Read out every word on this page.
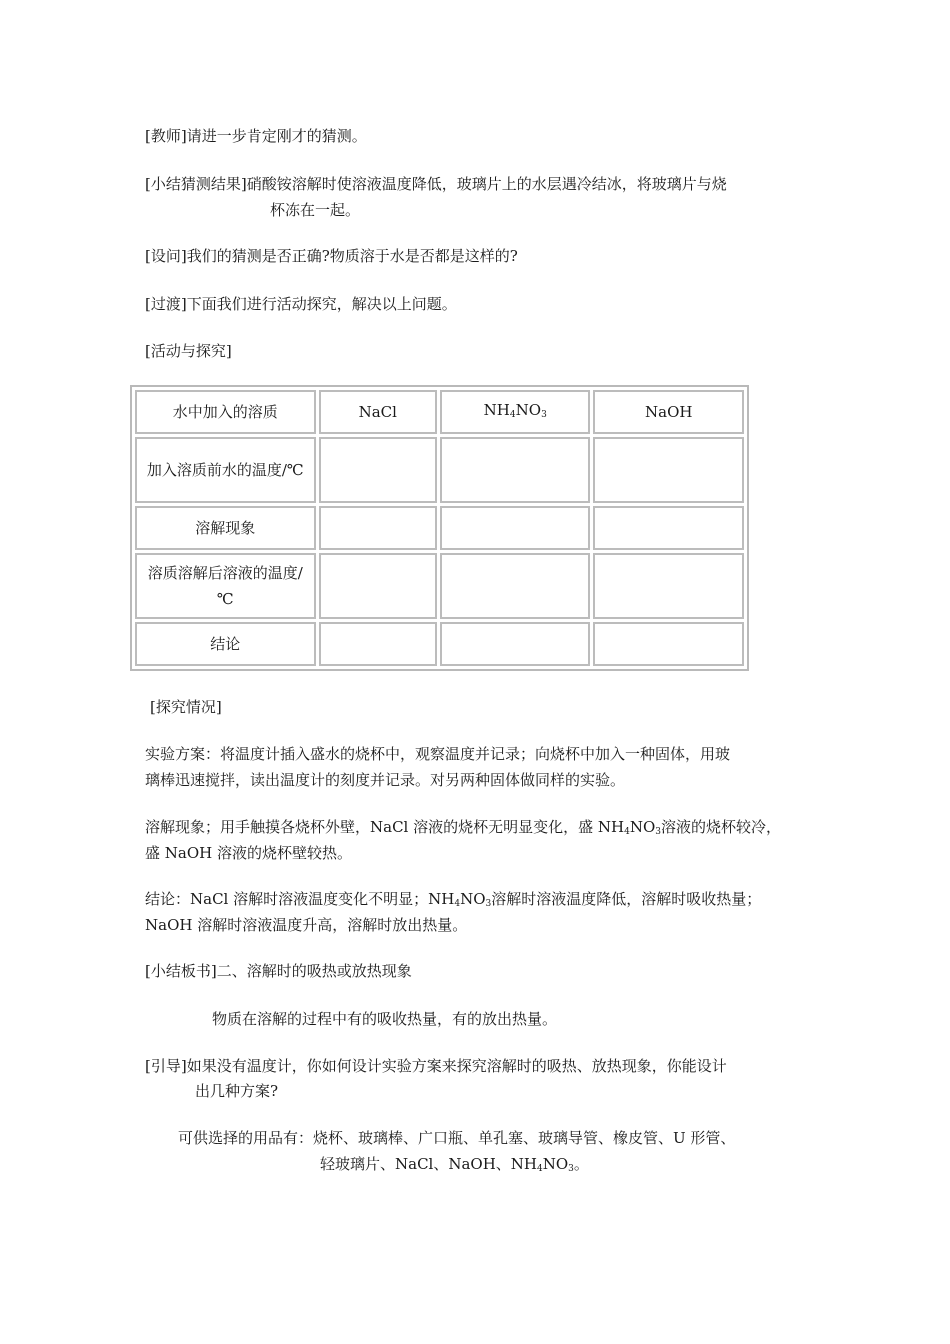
[教师]请进一步肯定刚才的猜测。
[小结猜测结果]硝酸铵溶解时使溶液温度降低，玻璃片上的水层遇冷结冰，将玻璃片与烧
杯冻在一起。
[设问]我们的猜测是否正确?物质溶于水是否都是这样的?
[过渡]下面我们进行活动探究，解决以上问题。
[活动与探究]
水中加入的溶质	NaCl	$NH_4NO_3$	NaOH
加入溶质前水的温度/℃			
溶解现象			
溶质溶解后溶液的温度/℃			
结论			
[探究情况]
实验方案：将温度计插入盛水的烧杯中，观察温度并记录；向烧杯中加入一种固体，用玻
璃棒迅速搅拌，读出温度计的刻度并记录。对另两种固体做同样的实验。
溶解现象；用手触摸各烧杯外壁，NaCl 溶液的烧杯无明显变化，盛 $NH_4NO_3$溶液的烧杯较冷，
盛 NaOH 溶液的烧杯壁较热。
结论：NaCl 溶解时溶液温度变化不明显；$NH_4NO_3$溶解时溶液温度降低，溶解时吸收热量；
NaOH 溶解时溶液温度升高，溶解时放出热量。
[小结板书]二、溶解时的吸热或放热现象
物质在溶解的过程中有的吸收热量，有的放出热量。
[引导]如果没有温度计，你如何设计实验方案来探究溶解时的吸热、放热现象，你能设计
出几种方案?
可供选择的用品有：烧杯、玻璃棒、广口瓶、单孔塞、玻璃导管、橡皮管、U 形管、
轻玻璃片、NaCl、NaOH、$NH_4NO_3$。
